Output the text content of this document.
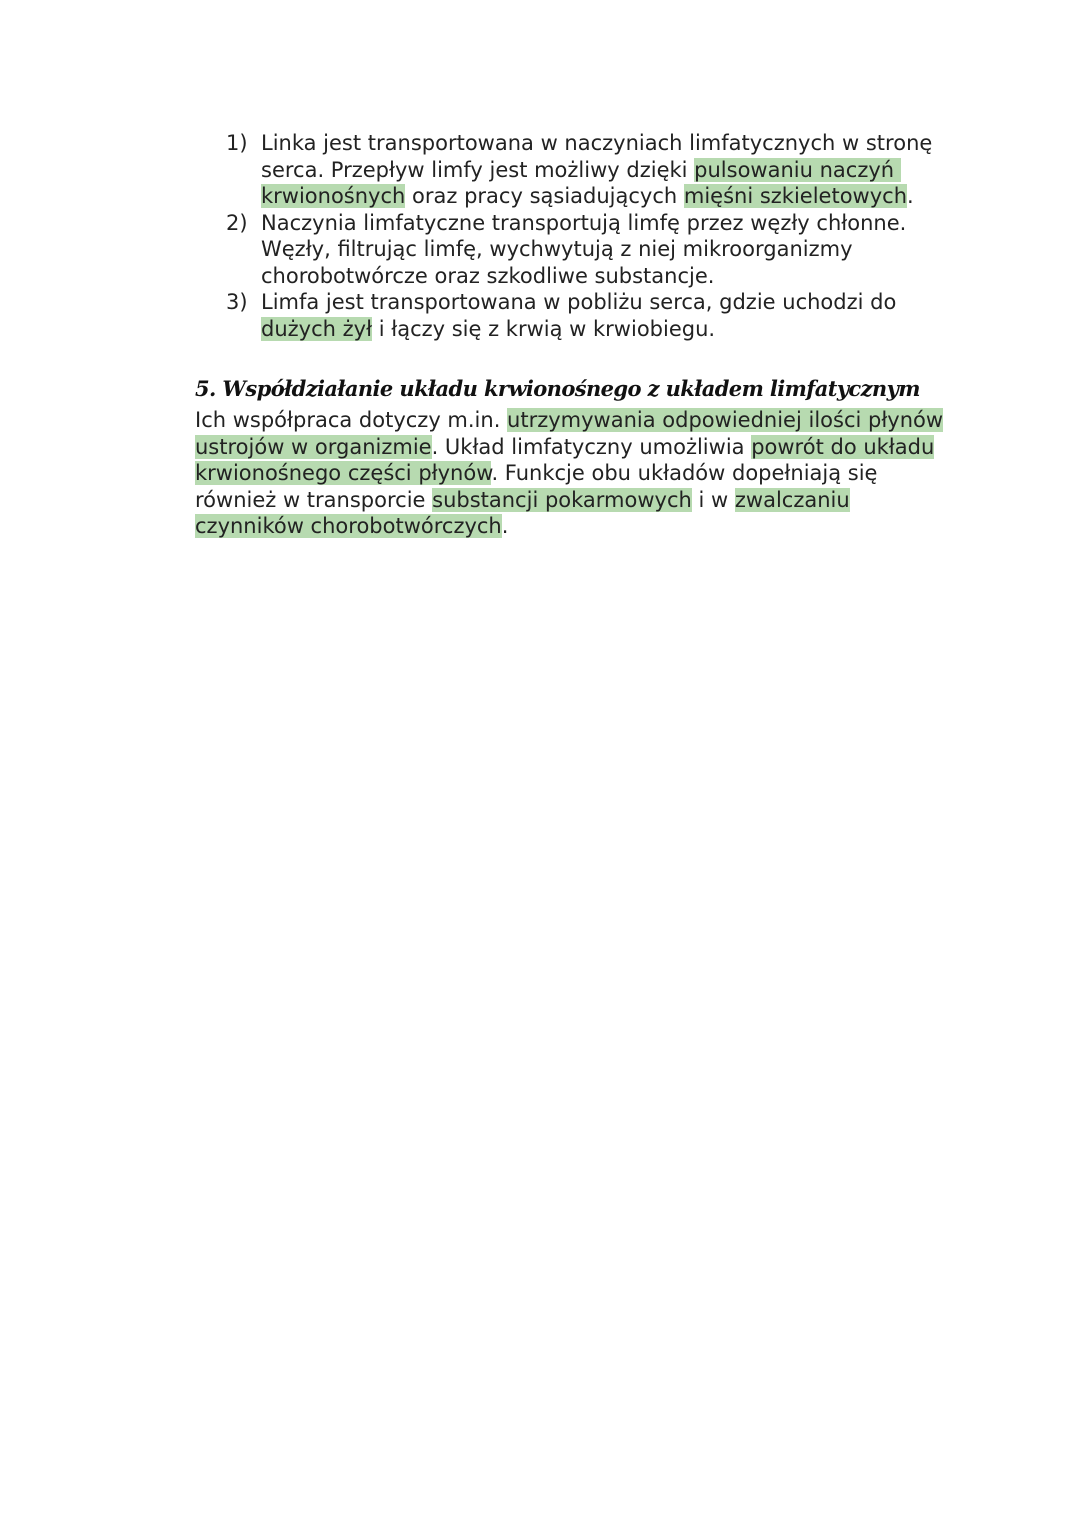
1) Linka jest transportowana w naczyniach limfatycznych w stronę serca. Przepływ limfy jest możliwy dzięki pulsowaniu naczyń krwionośnych oraz pracy sąsiadujących mięśni szkieletowych.
2) Naczynia limfatyczne transportują limfę przez węzły chłonne. Węzły, filtrując limfę, wychwytują z niej mikroorganizmy chorobotwórcze oraz szkodliwe substancje.
3) Limfa jest transportowana w pobliżu serca, gdzie uchodzi do dużych żył i łączy się z krwią w krwiobiegu.
5. Współdziałanie układu krwionośnego z układem limfatycznym

Ich współpraca dotyczy m.in. utrzymywania odpowiedniej ilości płynów ustrojów w organizmie. Układ limfatyczny umożliwia powrót do układu krwionośnego części płynów. Funkcje obu układów dopełniają się również w transporcie substancji pokarmowych i w zwalczaniu czynników chorobotwórczych.
